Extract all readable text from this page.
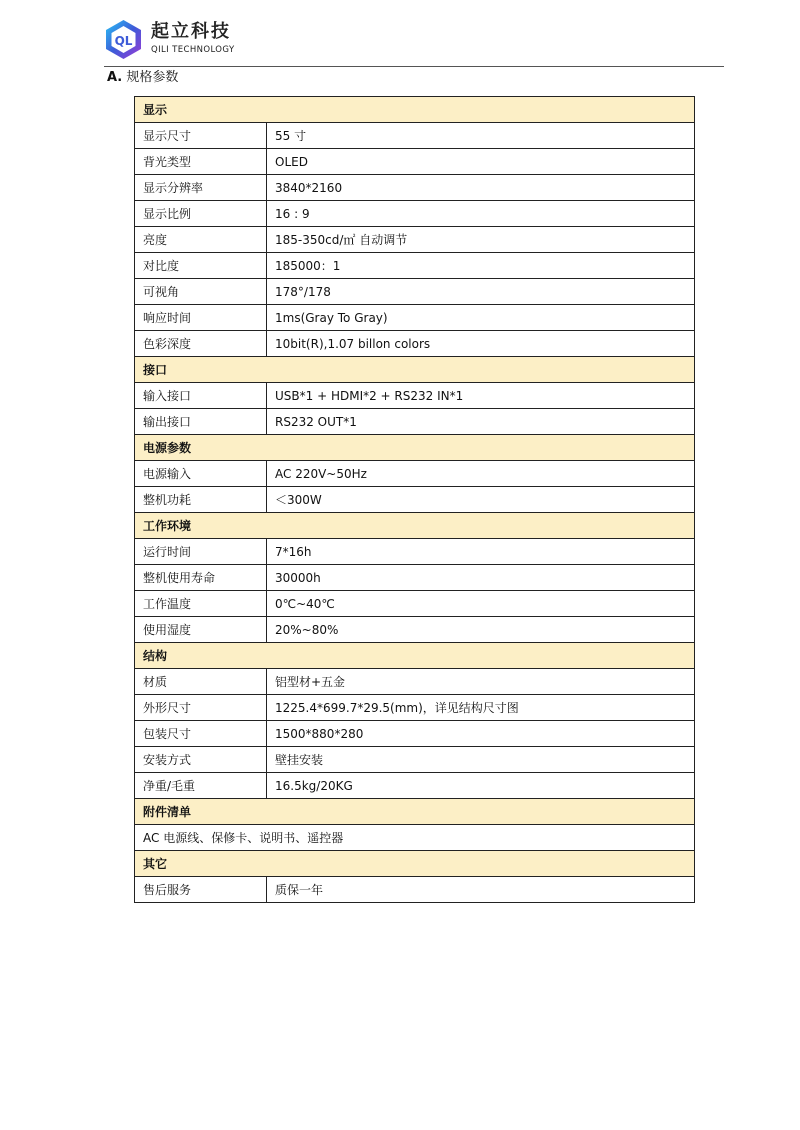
QL 起立科技
QILI TECHNOLOGY
A. 规格参数
显示	
显示尺寸	55 寸
背光类型	OLED
显示分辨率	3840*2160
显示比例	16 : 9
亮度	185-350cd/㎡ 自动调节
对比度	185000：1
可视角	178°/178
响应时间	1ms(Gray To Gray)
色彩深度	10bit(R),1.07 billon colors
接口	
输入接口	USB*1 + HDMI*2 + RS232 IN*1
输出接口	RS232 OUT*1
电源参数	
电源输入	AC 220V~50Hz
整机功耗	＜300W
工作环境	
运行时间	7*16h
整机使用寿命	30000h
工作温度	0℃~40℃
使用湿度	20%~80%
结构	
材质	铝型材+五金
外形尺寸	1225.4*699.7*29.5(mm)，详见结构尺寸图
包装尺寸	1500*880*280
安装方式	壁挂安装
净重/毛重	16.5kg/20KG
附件清单	
AC 电源线、保修卡、说明书、遥控器	
其它	
售后服务	质保一年
